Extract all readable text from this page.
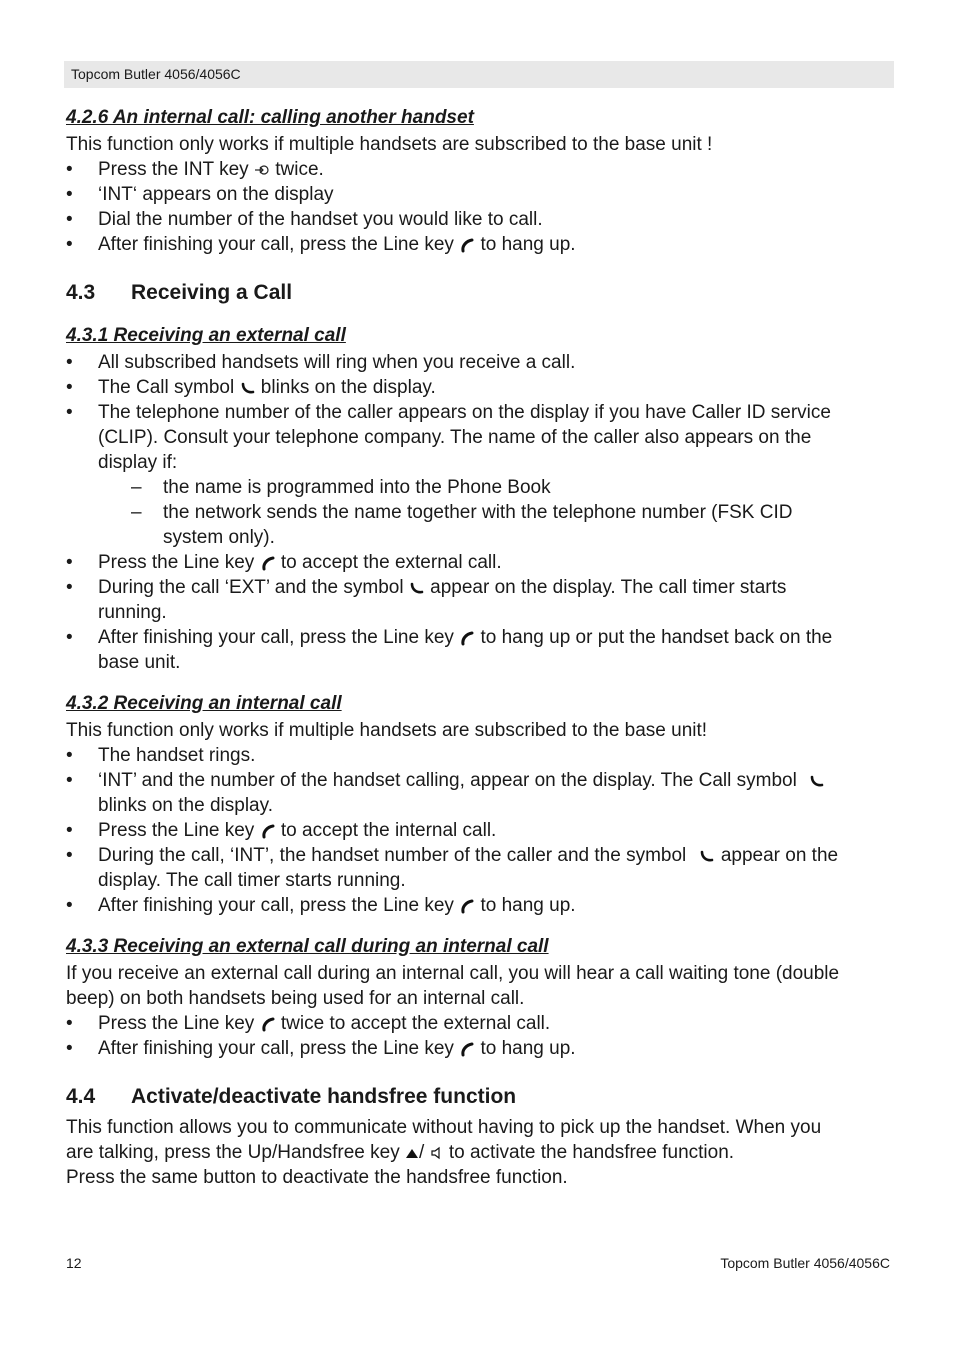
Topcom Butler 4056/4056C
4.2.6 An internal call: calling another handset
This function only works if multiple handsets are subscribed to the base unit !
• Press the INT key twice.
• ‘INT‘ appears on the display
• Dial the number of the handset you would like to call.
• After finishing your call, press the Line key to hang up.
4.3 Receiving a Call
4.3.1 Receiving an external call
• All subscribed handsets will ring when you receive a call.
• The Call symbol blinks on the display.
• The telephone number of the caller appears on the display if you have Caller ID service
(CLIP). Consult your telephone company. The name of the caller also appears on the
display if:
– the name is programmed into the Phone Book
– the network sends the name together with the telephone number (FSK CID
system only).
• Press the Line key to accept the external call.
• During the call ‘EXT’ and the symbol appear on the display. The call timer starts
running.
• After finishing your call, press the Line key to hang up or put the handset back on the
base unit.
4.3.2 Receiving an internal call
This function only works if multiple handsets are subscribed to the base unit!
• The handset rings.
• ‘INT’ and the number of the handset calling, appear on the display. The Call symbol
blinks on the display.
• Press the Line key to accept the internal call.
• During the call, ‘INT’, the handset number of the caller and the symbol appear on the
display. The call timer starts running.
• After finishing your call, press the Line key to hang up.
4.3.3 Receiving an external call during an internal call
If you receive an external call during an internal call, you will hear a call waiting tone (double
beep) on both handsets being used for an internal call.
• Press the Line key twice to accept the external call.
• After finishing your call, press the Line key to hang up.
4.4 Activate/deactivate handsfree function
This function allows you to communicate without having to pick up the handset. When you
are talking, press the Up/Handsfree key / to activate the handsfree function.
Press the same button to deactivate the handsfree function.
12	Topcom Butler 4056/4056C
